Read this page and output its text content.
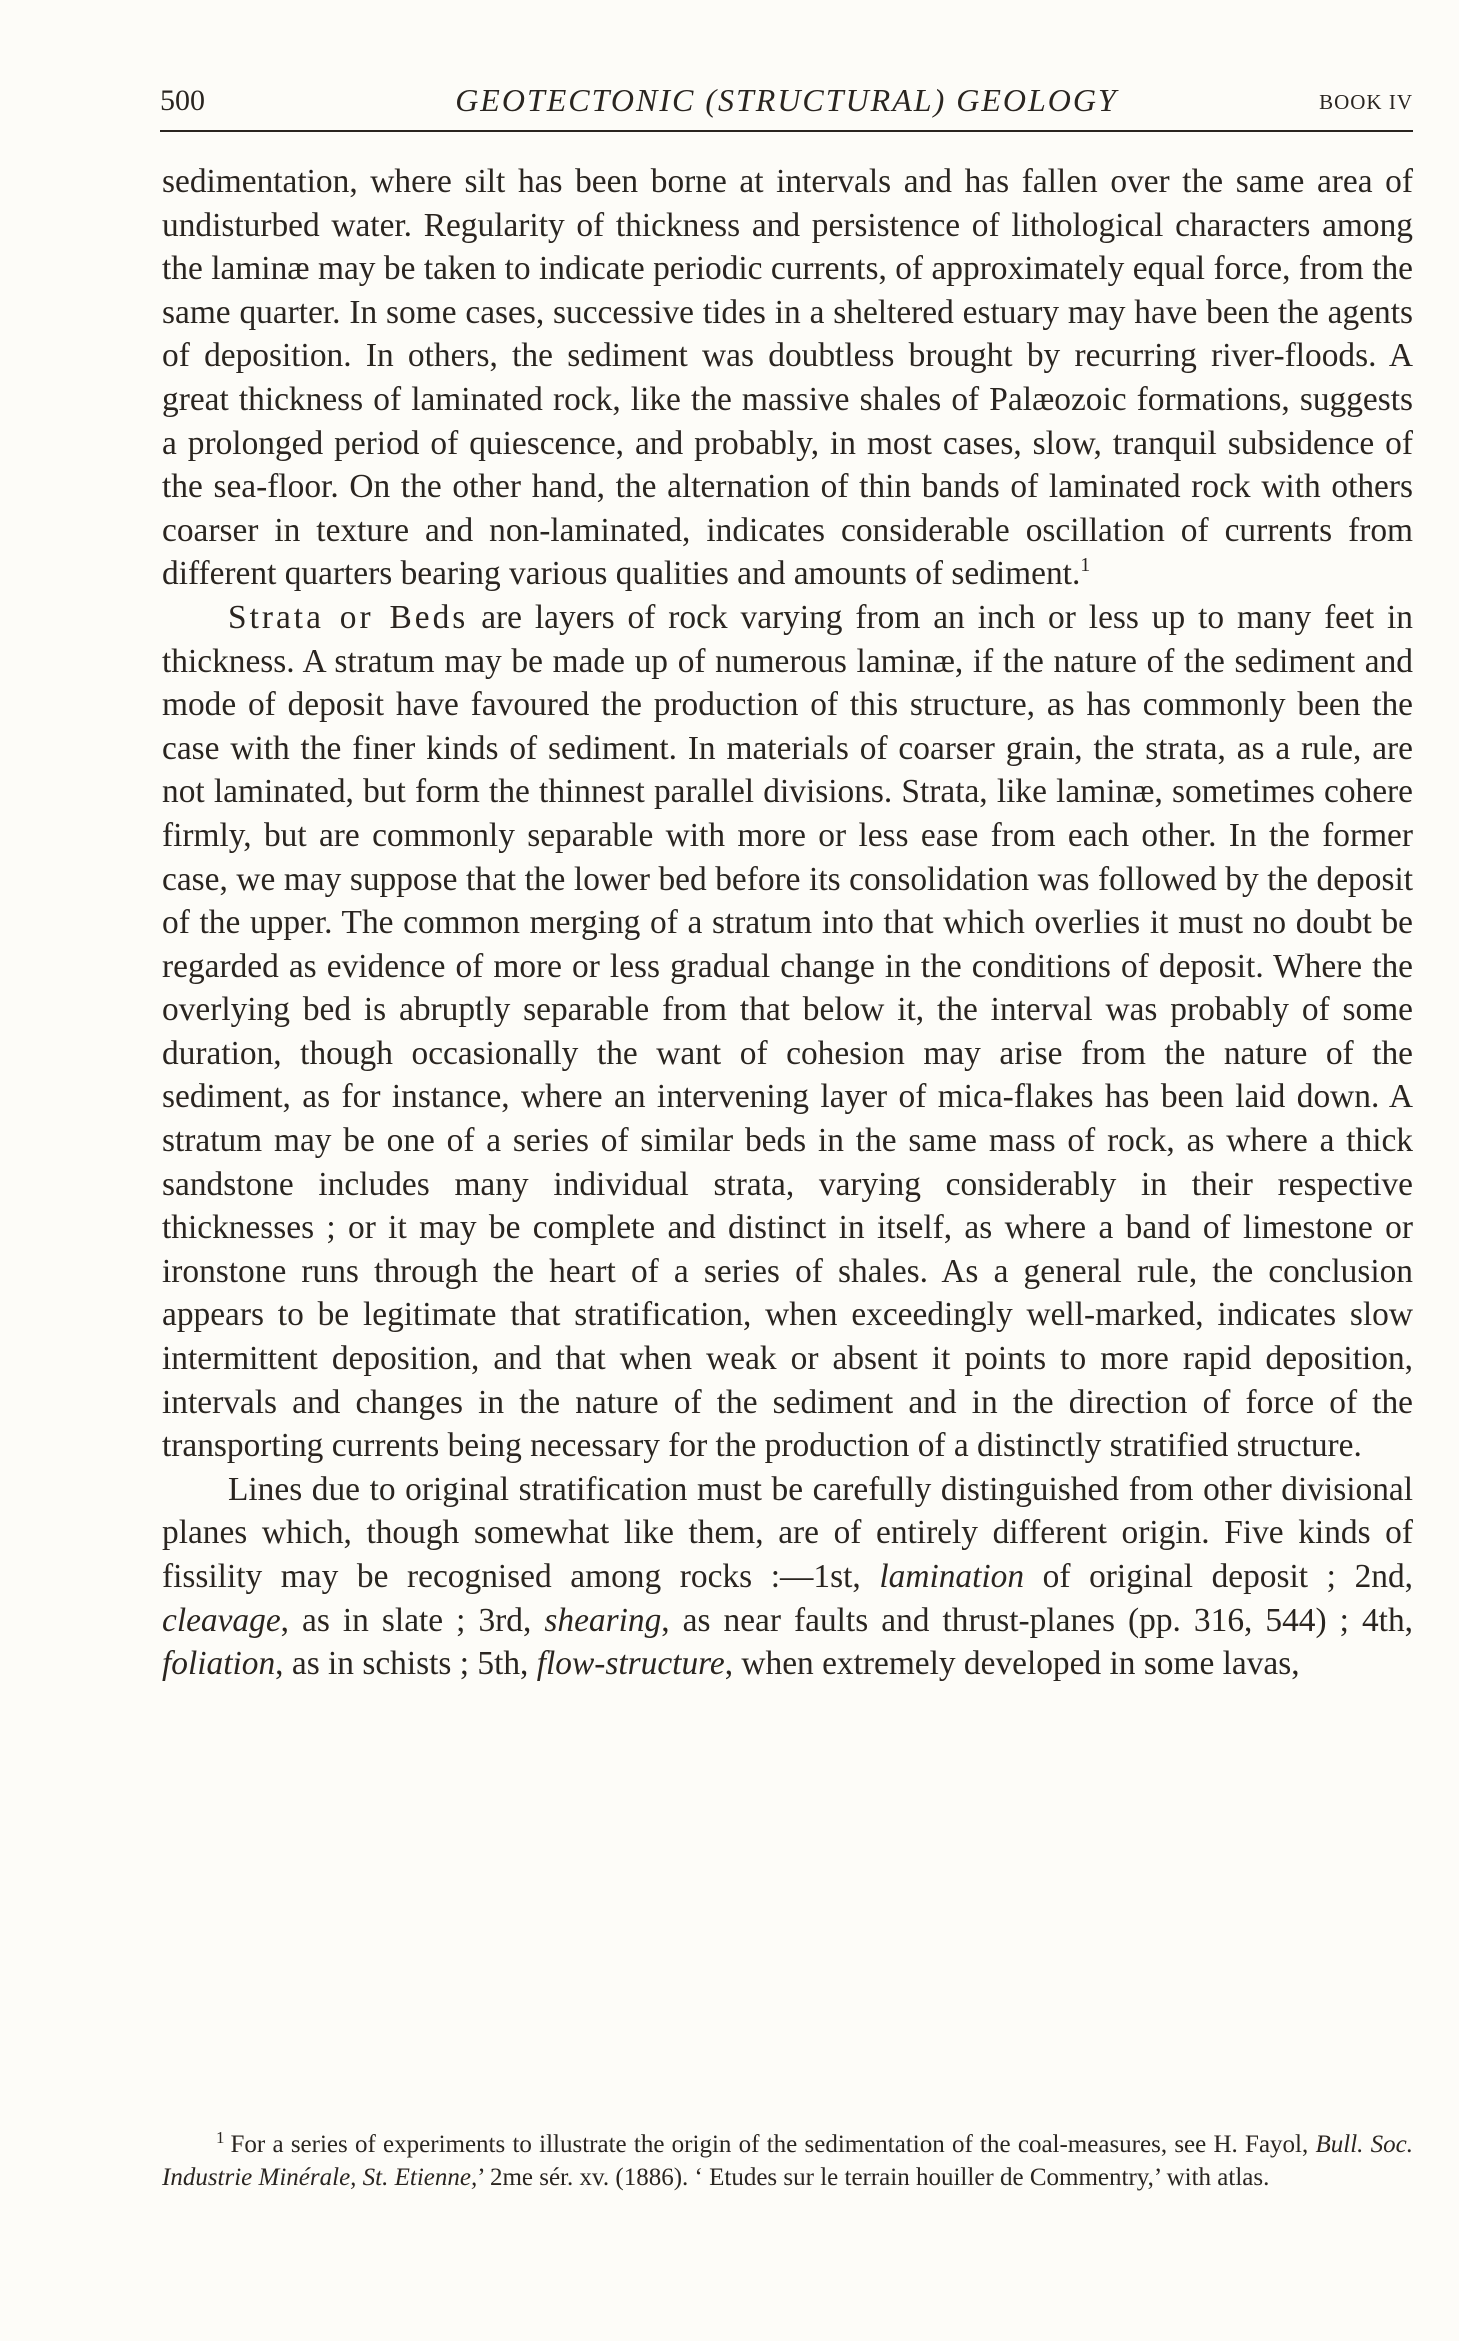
500	GEOTECTONIC (STRUCTURAL) GEOLOGY	BOOK IV

sedimentation, where silt has been borne at intervals and has fallen over the same area of undisturbed water. Regularity of thickness and persistence of lithological characters among the laminæ may be taken to indicate periodic currents, of approximately equal force, from the same quarter. In some cases, successive tides in a sheltered estuary may have been the agents of deposition. In others, the sediment was doubtless brought by recurring river-floods. A great thickness of laminated rock, like the massive shales of Palæozoic formations, suggests a prolonged period of quiescence, and probably, in most cases, slow, tranquil subsidence of the sea-floor. On the other hand, the alternation of thin bands of laminated rock with others coarser in texture and non-laminated, indicates considerable oscillation of currents from different quarters bearing various qualities and amounts of sediment.$^1$

Strata or Beds are layers of rock varying from an inch or less up to many feet in thickness. A stratum may be made up of numerous laminæ, if the nature of the sediment and mode of deposit have favoured the production of this structure, as has commonly been the case with the finer kinds of sediment. In materials of coarser grain, the strata, as a rule, are not laminated, but form the thinnest parallel divisions. Strata, like laminæ, sometimes cohere firmly, but are commonly separable with more or less ease from each other. In the former case, we may suppose that the lower bed before its consolidation was followed by the deposit of the upper. The common merging of a stratum into that which overlies it must no doubt be regarded as evidence of more or less gradual change in the conditions of deposit. Where the overlying bed is abruptly separable from that below it, the interval was probably of some duration, though occasionally the want of cohesion may arise from the nature of the sediment, as for instance, where an intervening layer of mica-flakes has been laid down. A stratum may be one of a series of similar beds in the same mass of rock, as where a thick sandstone includes many individual strata, varying considerably in their respective thicknesses ; or it may be complete and distinct in itself, as where a band of limestone or ironstone runs through the heart of a series of shales. As a general rule, the conclusion appears to be legitimate that stratification, when exceedingly well-marked, indicates slow intermittent deposition, and that when weak or absent it points to more rapid deposition, intervals and changes in the nature of the sediment and in the direction of force of the transporting currents being necessary for the production of a distinctly stratified structure.

Lines due to original stratification must be carefully distinguished from other divisional planes which, though somewhat like them, are of entirely different origin. Five kinds of fissility may be recognised among rocks :—1st, lamination of original deposit ; 2nd, cleavage, as in slate ; 3rd, shearing, as near faults and thrust-planes (pp. 316, 544) ; 4th, foliation, as in schists ; 5th, flow-structure, when extremely developed in some lavas,

$^1$ For a series of experiments to illustrate the origin of the sedimentation of the coal-measures, see H. Fayol, Bull. Soc. Industrie Minérale, St. Etienne,’ 2me sér. xv. (1886). ‘ Etudes sur le terrain houiller de Commentry,’ with atlas.
